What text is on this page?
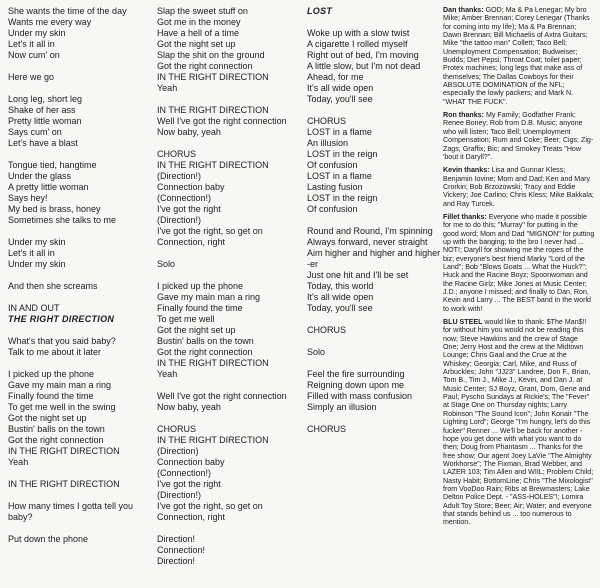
She wants the time of the day
Wants me every way
Under my skin
Let's it all in
Now cum' on
Here we go
Long leg, short leg
Shake of her ass
Pretty little woman
Says cum' on
Let's have a blast
Tongue tied, hangtime
Under the glass
A pretty little woman
Says hey!
My bed is brass, honey
Sometimes she talks to me
Under my skin
Let's it all in
Under my skin
And then she screams
IN AND OUT
THE RIGHT DIRECTION
What's that you said baby?
Talk to me about it later
I picked up the phone
Gave my main man a ring
Finally found the time
To get me well in the swing
Got the night set up
Bustin' balls on the town
Got the right connection
IN THE RIGHT DIRECTION
Yeah
IN THE RIGHT DIRECTION
How many times I gotta tell you
baby?
Put down the phone
Slap the sweet stuff on
Got me in the money
Have a hell of a time
Got the night set up
Slap the shit on the ground
Got the right connection
IN THE RIGHT DIRECTION
Yeah
IN THE RIGHT DIRECTION
Well I've got the right connection
Now baby, yeah
CHORUS
IN THE RIGHT DIRECTION
(Direction!)
Connection baby
(Connection!)
I've got the right
(Direction!)
I've got the right, so get on
Connection, right
Solo
I picked up the phone
Gave my main man a ring
Finally found the time
To get me well
Got the night set up
Bustin' balls on the town
Got the right connection
IN THE RIGHT DIRECTION
Yeah
Well I've got the right connection
Now baby, yeah
CHORUS
IN THE RIGHT DIRECTION
(Direction)
Connection baby
(Connection!)
I've got the right
(Direction!)
I've got the right, so get on
Connection, right
Direction!
Connection!
Direction!
LOST
Woke up with a slow twist
A cigarette I rolled myself
Right out of bed, I'm moving
A little slow, but I'm not dead
Ahead, for me
It's all wide open
Today, you'll see
CHORUS
LOST in a flame
An illusion
LOST in the reign
Of confusion
LOST in a flame
Lasting fusion
LOST in the reign
Of confusion
Round and Round, I'm spinning
Always forward, never straight
Aim higher and higher and higher
-er
Just one hit and I'll be set
Today, this world
It's all wide open
Today, you'll see
CHORUS
Solo
Feel the fire surrounding
Reigning down upon me
Filled with mass confusion
Simply an illusion
CHORUS

Dan thanks: GOD; Ma & Pa Lenegar; My bro Mike; Amber Brennan; Corey Lenegar (Thanks for coming into my life); Ma & Pa Brennan; Dawn Brennan; Bill Michaelis of Axtra Guitars; Mike "the tattoo man" Collett; Taco Bell; Unemployment Compensation; Budweiser; Budds; Diet Pepsi; Throat Coat; toilet paper; Protex machines; long legs that make ass of themselves; The Dallas Cowboys for their ABSOLUTE DOMINATION of the NFL; especially the lowly packers; and Mark N. "WHAT THE FUCK".

Ron thanks: My Family; Godfather Frank; Renee Boney; Rob from D.B. Music; anyone who will listen; Taco Bell; Unemployment Compensation; Rum and Coke; Beer; Cigs; Zig-Zags; Graffix; Bic; and Smokey Treats "How 'bout it Daryll?".

Kevin thanks: Lisa and Gunnar Kless; Benjamin Iovine; Mom and Dad; Ken and Mary Crorkin; Bob Brzozowski; Tracy and Eddie Vickery; Joe Carlino; Chris Kless; Mike Bakkala; and Ray Turcek.

Fillet thanks: Everyone who made it possible for me to do this; "Murray" for putting in the good word; Mom and Dad "MIGNON" for putting up with the banging; to the bro I never had ... NOT!; Daryll for showing me the ropes of the biz; everyone's best friend Marky "Lord of the Land"; Bob "Blows Goats ... What the Huck?"; Huck and the Racine Boyz; Spoonwoman and the Racine Girlz; Mike Jones at Music Center; J.D.; anyone I missed; and finally to Dan, Ron, Kevin and Larry ... The BEST band in the world to work with!

BLU STEEL would like to thank: $The Man$!! for without him you would not be reading this now; Steve Hawkins and the crew of Stage One; Jerry Host and the crew at the Midtown Lounge; Chris Gaal and the Crue at the Whiskey; Georgia; Carl, Mike, and Russ of Arbuckles; John "JJ23" Landree, Don F., Brian, Tom B., Tim J., Mike J., Kevin, and Dan J. at Music Center; SJ Boyz, Grant, Dom, Gene and Paul; Pyscho Sundays at Rickie's; The "Fever" at Stage One on Thursday nights; Larry Robinson "The Sound Icon"; John Konair "The Lighting Lord"; George "I'm hungry, let's do this fucker" Renner ... We'll be back for another - hope you get done with what you want to do then; Doug from Phantasm ... Thanks for the free show; Our agent Joey LaVie "The Almighty Workhorse"; The Fixman, Brad Webber, and LAZER 103; Tim Allen and WIIL; Problem Child; Nasty Habit; BottomLine; Chris "The Mixologist" from VooDoo Rain; Ribs at Brewmasters; Lake Delton Police Dept. - "ASS-HOLES"!; Lomira Adult Toy Store; Beer; Air; Water; and everyone that stands behind us ... too numerous to mention.
